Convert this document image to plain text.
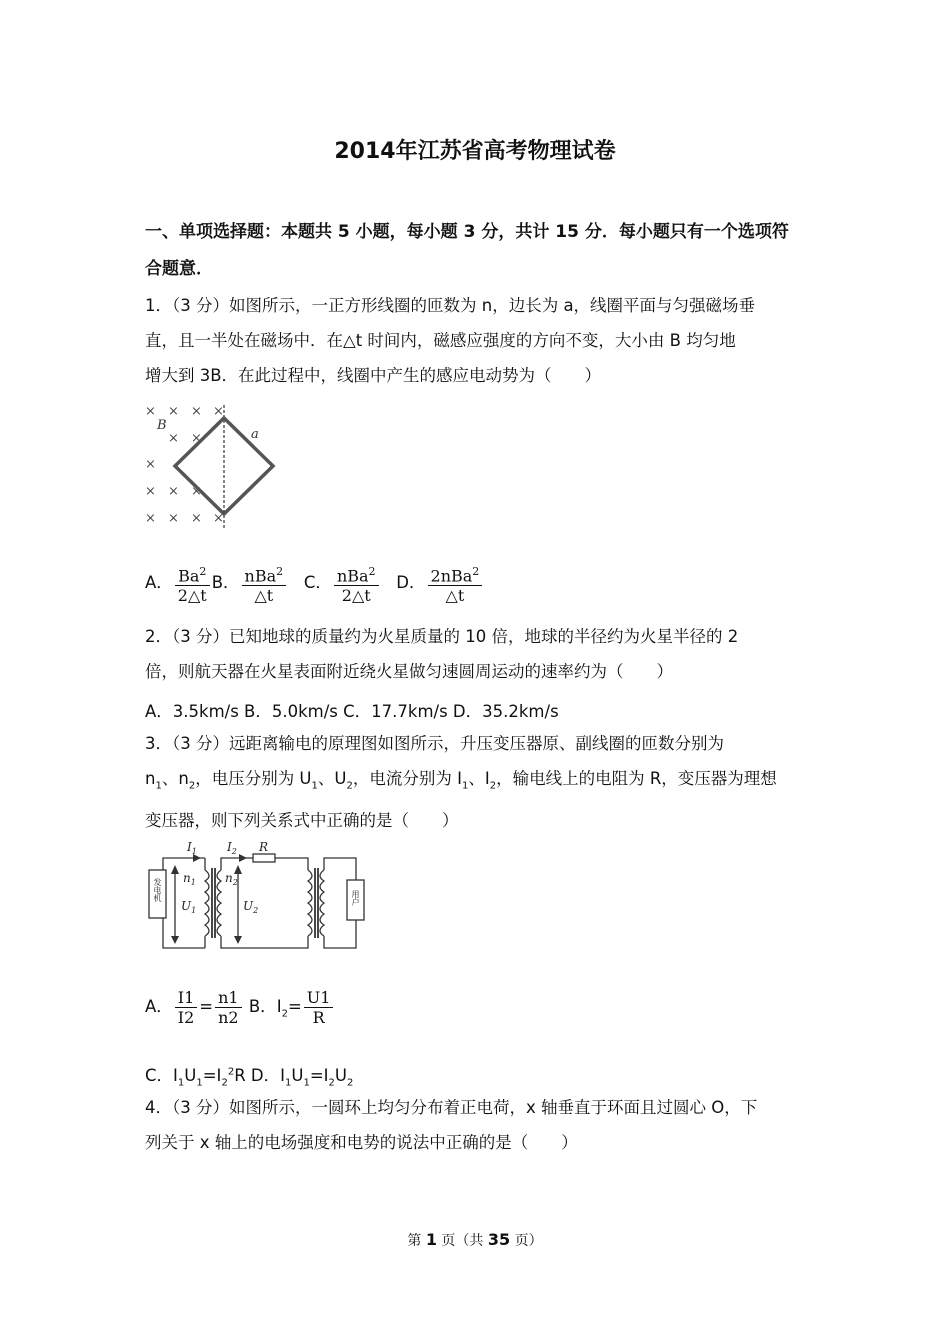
2014年江苏省高考物理试卷
一、单项选择题：本题共 5 小题，每小题 3 分，共计 15 分．每小题只有一个选项符
合题意．
1．（3 分）如图所示，一正方形线圈的匝数为 n，边长为 a，线圈平面与匀强磁场垂
直，且一半处在磁场中．在△t 时间内，磁感应强度的方向不变，大小由 B 均匀地
增大到 3B．在此过程中，线圈中产生的感应电动势为（　　）
× × × ×
× ×
×
× × ×
× × × ×
B
a
A． $\frac{Ba^2}{2\triangle t}$ B． $\frac{nBa^2}{\triangle t}$ C． $\frac{nBa^2}{2\triangle t}$ D． $\frac{2nBa^2}{\triangle t}$
2．（3 分）已知地球的质量约为火星质量的 10 倍，地球的半径约为火星半径的 2
倍，则航天器在火星表面附近绕火星做匀速圆周运动的速率约为（　　）
A．3.5km/s B．5.0km/s C．17.7km/s D．35.2km/s
3．（3 分）远距离输电的原理图如图所示，升压变压器原、副线圈的匝数分别为
$n_1$、$n_2$，电压分别为 $U_1$、$U_2$，电流分别为 $I_1$、$I_2$，输电线上的电阻为 R，变压器为理想
变压器，则下列关系式中正确的是（　　）
$I_1$	$I_2$ R
$n_1$ $n_2$
$U_1$	$U_2$
发电机	用户
A． $\frac{I1}{I2} = \frac{n1}{n2}$ B．$I_2= \frac{U1}{R}$
C．$I_1U_1=I_2^2R$ D．$I_1U_1=I_2U_2$
4．（3 分）如图所示，一圆环上均匀分布着正电荷，x 轴垂直于环面且过圆心 O，下
列关于 x 轴上的电场强度和电势的说法中正确的是（　　）
第 1 页（共 35 页）
